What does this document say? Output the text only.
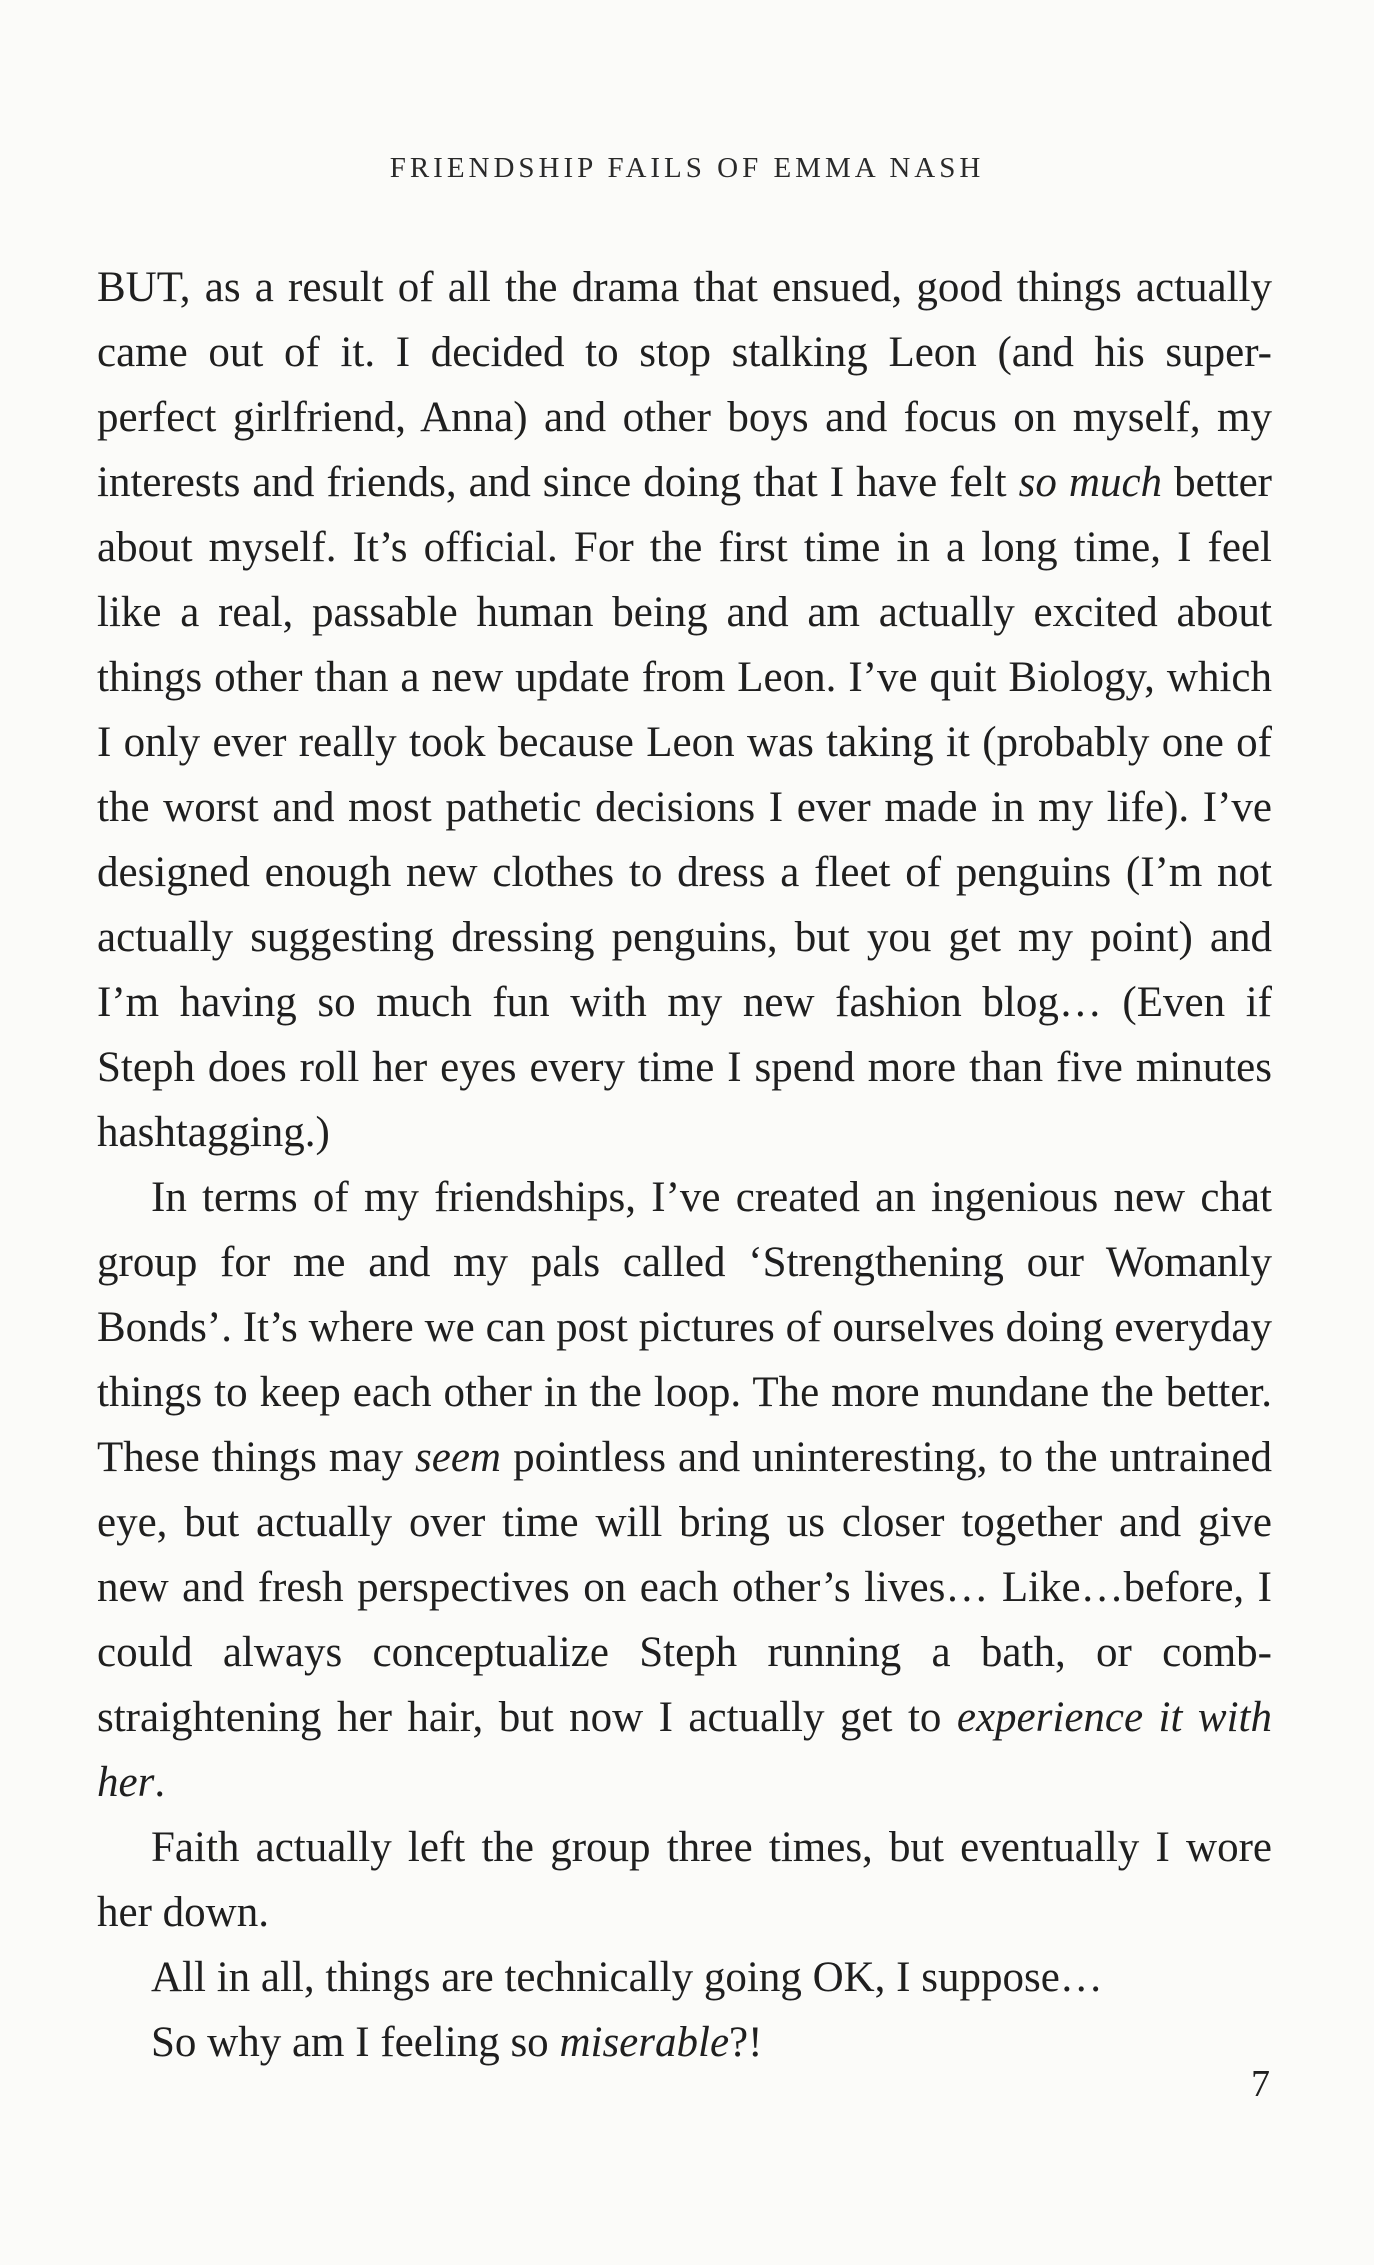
FRIENDSHIP FAILS OF EMMA NASH

BUT, as a result of all the drama that ensued, good things actually came out of it. I decided to stop stalking Leon (and his super-perfect girlfriend, Anna) and other boys and focus on myself, my interests and friends, and since doing that I have felt so much better about myself. It’s official. For the first time in a long time, I feel like a real, passable human being and am actually excited about things other than a new update from Leon. I’ve quit Biology, which I only ever really took because Leon was taking it (probably one of the worst and most pathetic decisions I ever made in my life). I’ve designed enough new clothes to dress a fleet of penguins (I’m not actually suggesting dressing penguins, but you get my point) and I’m having so much fun with my new fashion blog… (Even if Steph does roll her eyes every time I spend more than five minutes hashtagging.)

In terms of my friendships, I’ve created an ingenious new chat group for me and my pals called ‘Strengthening our Womanly Bonds’. It’s where we can post pictures of ourselves doing everyday things to keep each other in the loop. The more mundane the better. These things may seem pointless and uninteresting, to the untrained eye, but actually over time will bring us closer together and give new and fresh perspectives on each other’s lives… Like…before, I could always conceptualize Steph running a bath, or comb-straightening her hair, but now I actually get to experience it with her.

Faith actually left the group three times, but eventually I wore her down.

All in all, things are technically going OK, I suppose…

So why am I feeling so miserable?!

7
